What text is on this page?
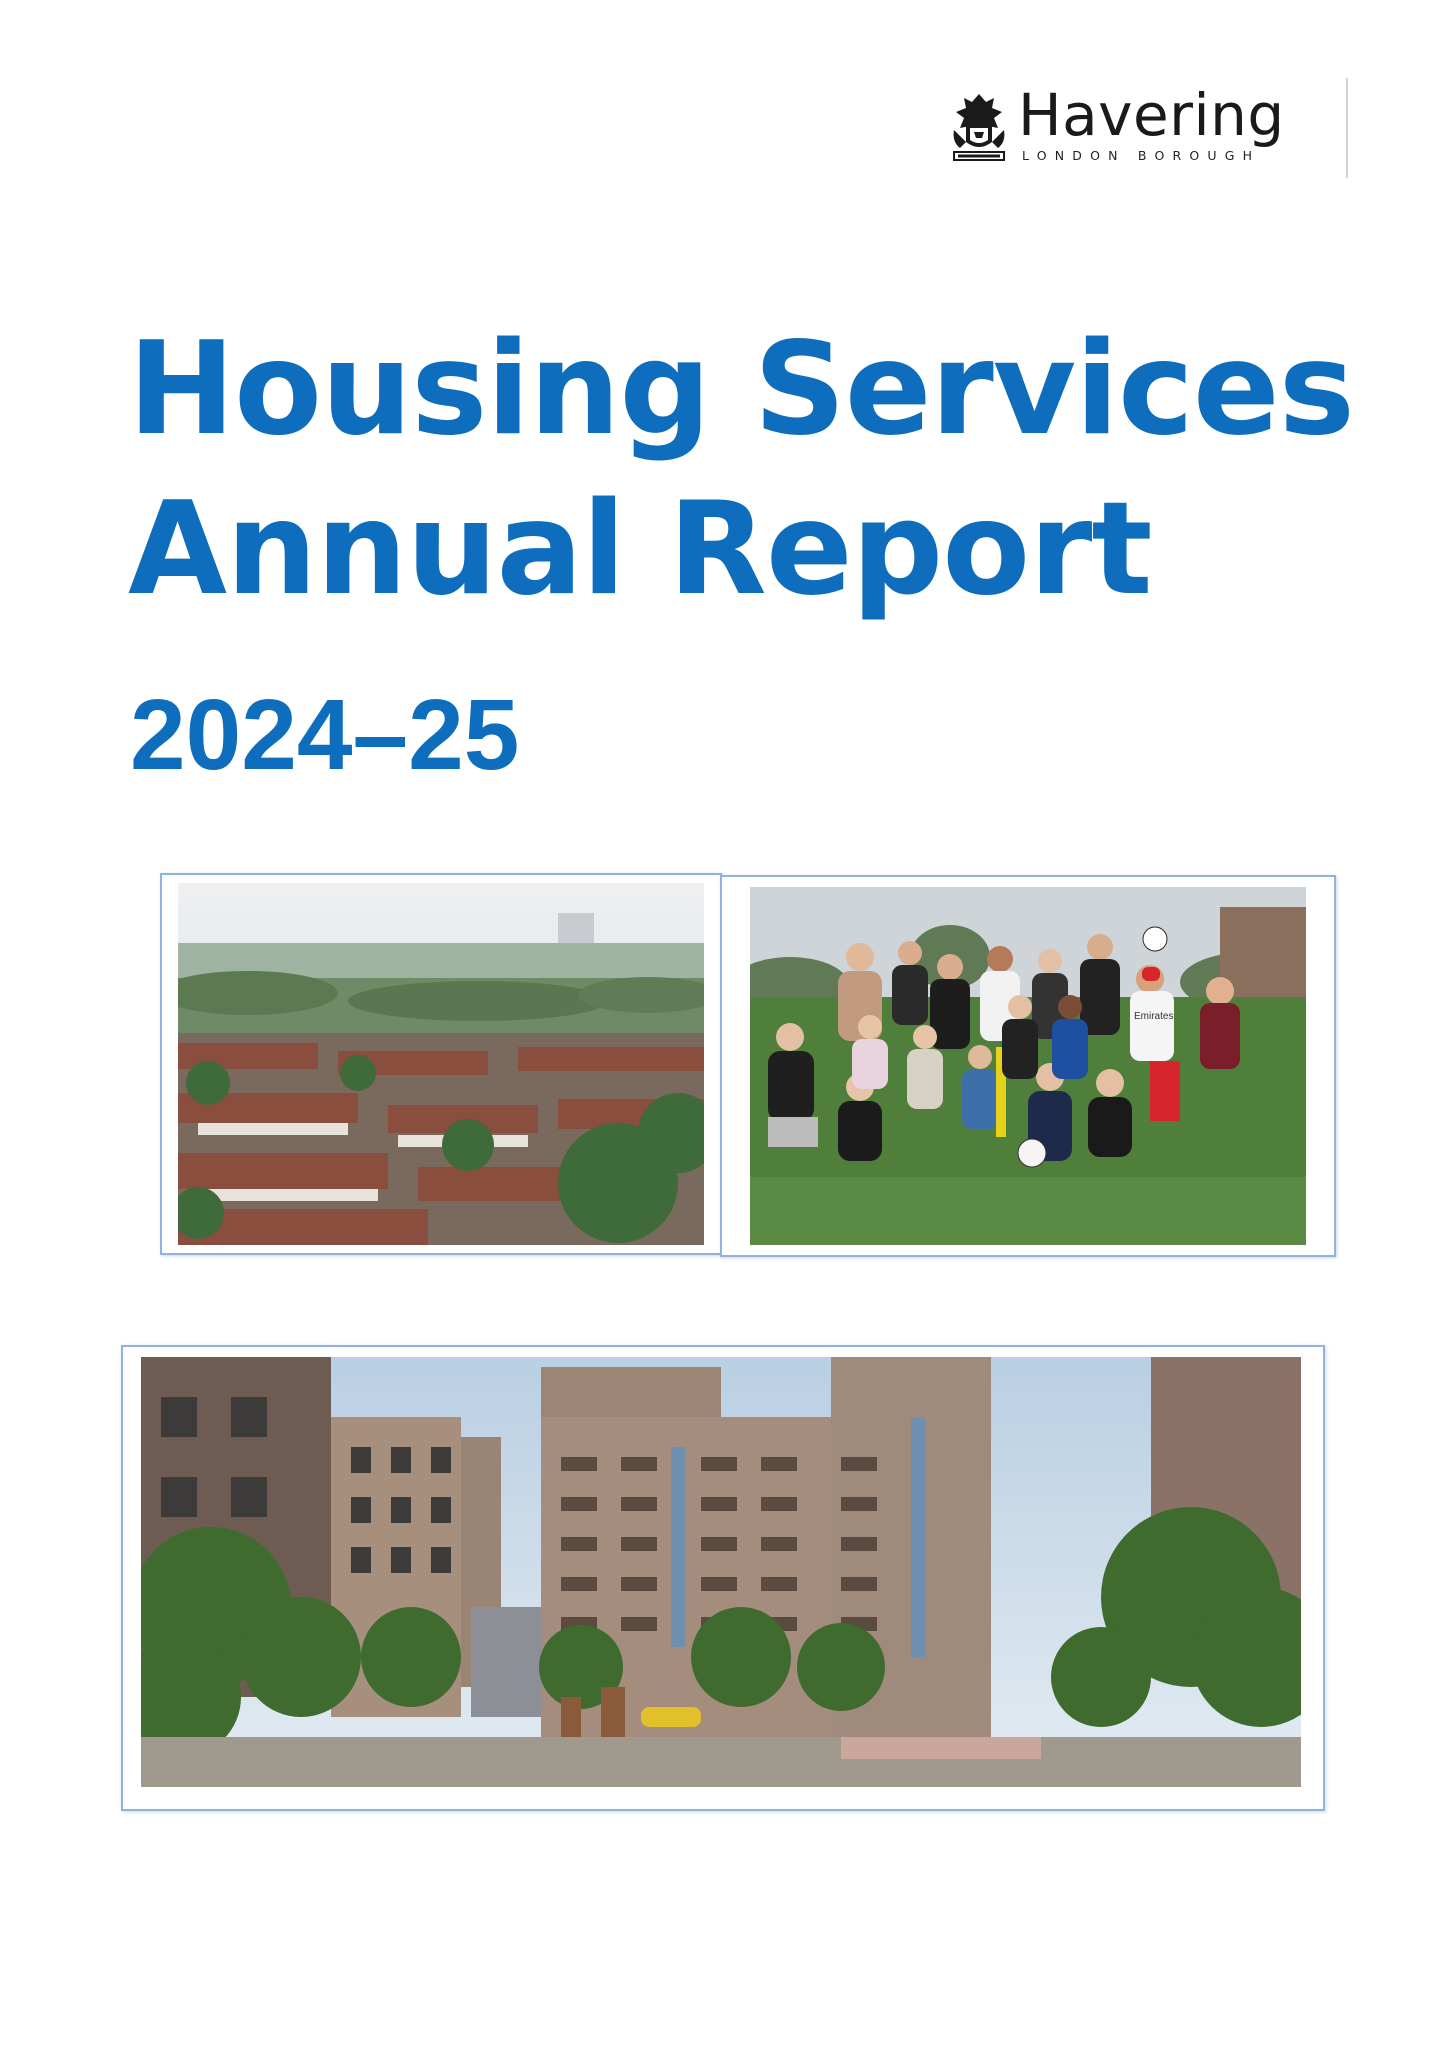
Havering
LONDON BOROUGH
Housing Services
Annual Report
2024–25
Emirates
